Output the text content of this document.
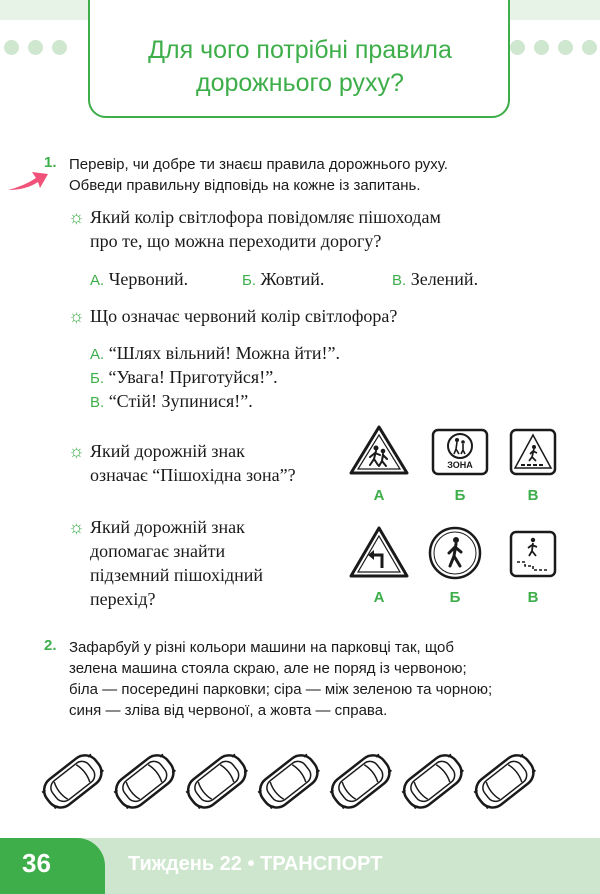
Для чого потрібні правила
дорожнього руху?
1. Перевір, чи добре ти знаєш правила дорожнього руху.
Обведи правильну відповідь на кожне із запитань.
☼ Який колір світлофора повідомляє пішоходам
про те, що можна переходити дорогу?
А. Червоний.	Б. Жовтий.	В. Зелений.
☼ Що означає червоний колір світлофора?
А. “Шлях вільний! Можна йти!”.
Б. “Увага! Приготуйся!”.
В. “Стій! Зупинися!”.
☼ Який дорожній знак
означає “Пішохідна зона”?	ЗОНА
А	Б	В
☼ Який дорожній знак
допомагає знайти
підземний пішохідний
перехід?	А	Б	В
2. Зафарбуй у різні кольори машини на парковці так, щоб
зелена машина стояла скраю, але не поряд із червоною;
біла — посередині парковки; сіра — між зеленою та чорною;
синя — зліва від червоної, а жовта — справа.
36	Тиждень 22 • ТРАНСПОРТ
